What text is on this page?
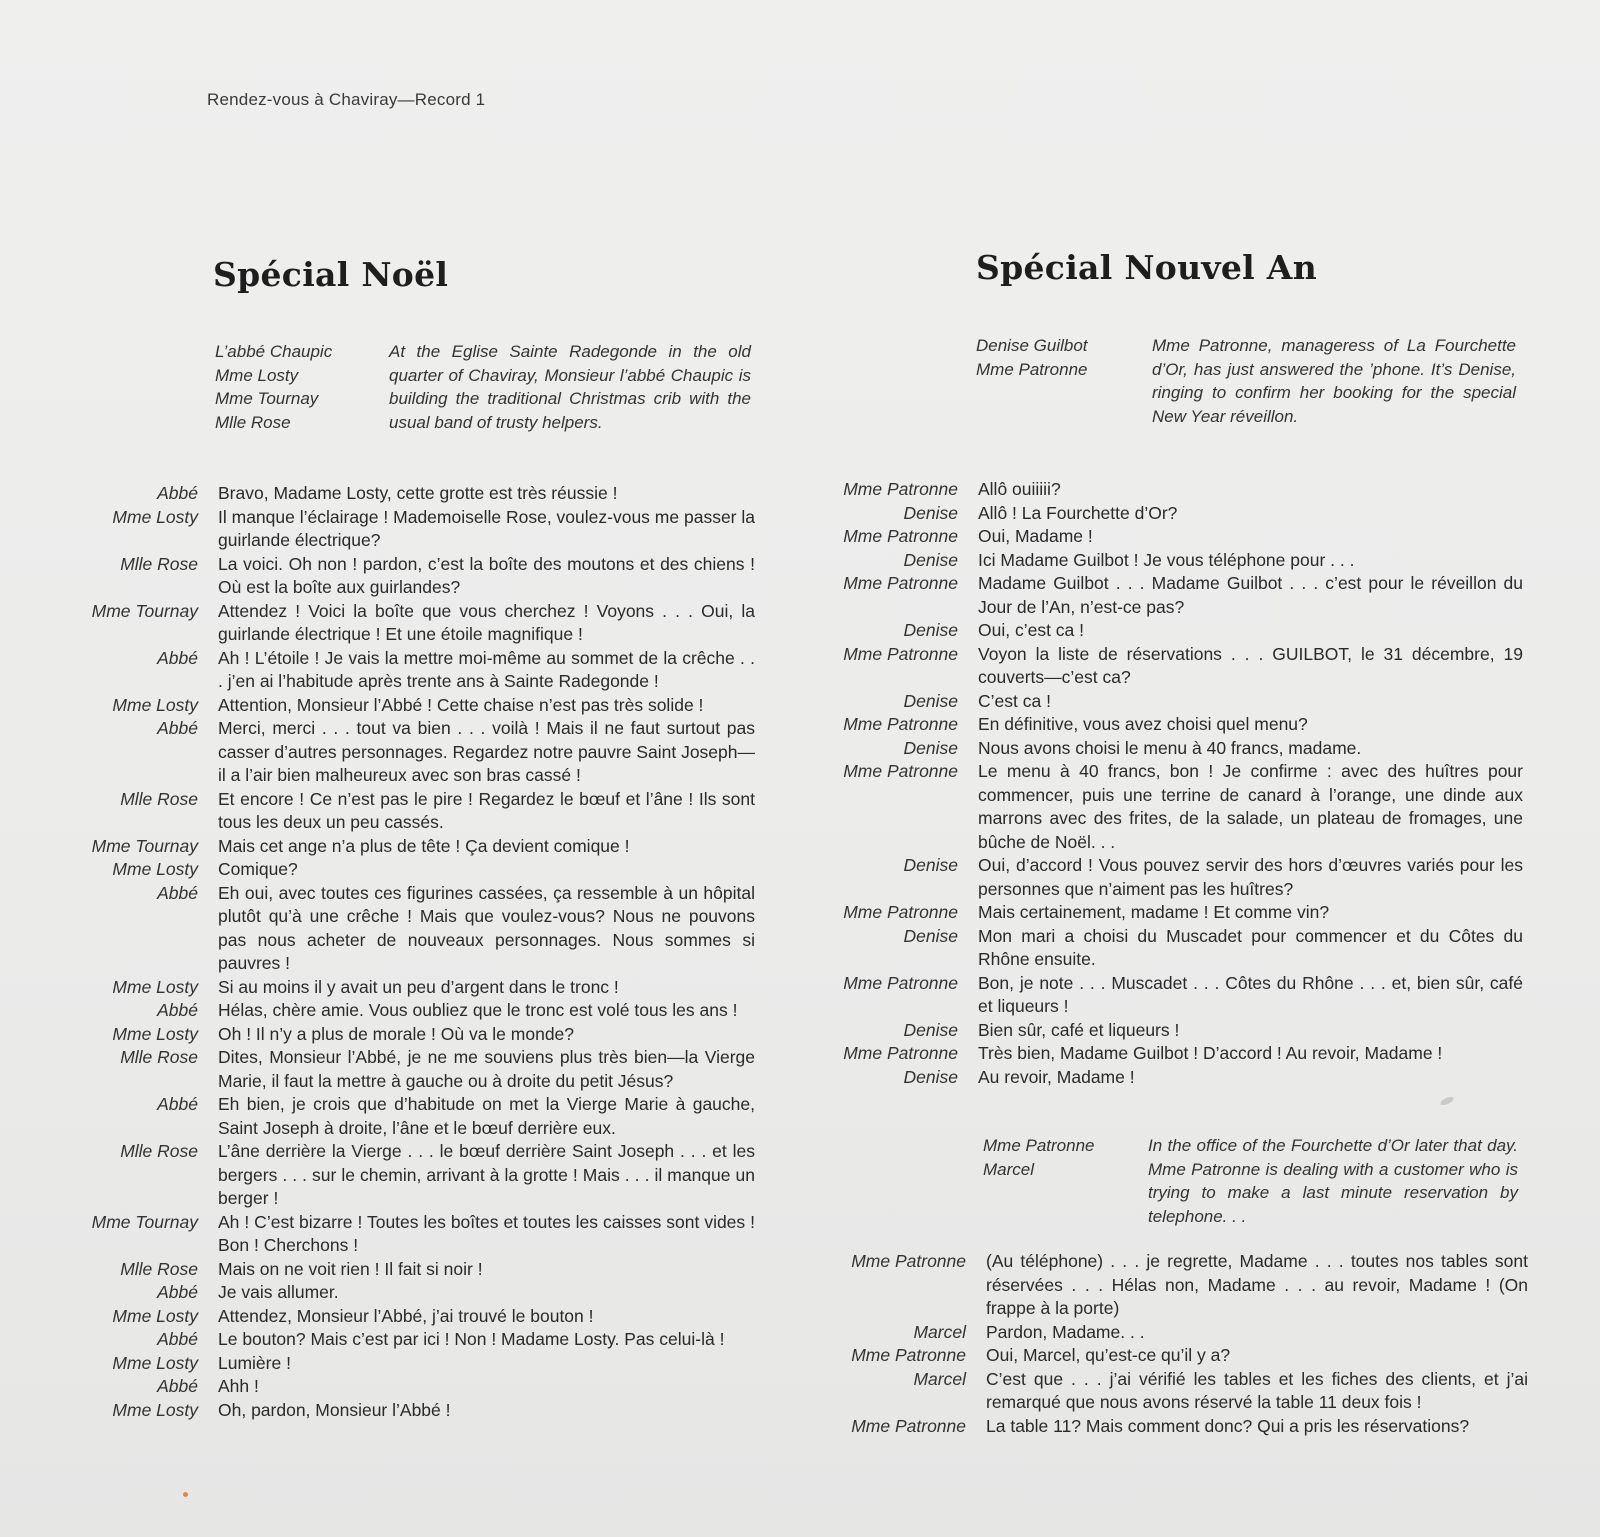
Rendez-vous à Chaviray—Record 1
Spécial Noël
L’abbé Chaupic
Mme Losty
Mme Tournay
Mlle Rose
At the Eglise Sainte Radegonde in the old quarter of Chaviray, Monsieur l’abbé Chaupic is building the traditional Christmas crib with the usual band of trusty helpers.
Abbé	Bravo, Madame Losty, cette grotte est très réussie !
Mme Losty	Il manque l’éclairage ! Mademoiselle Rose, voulez-vous me passer la guirlande électrique?
Mlle Rose	La voici. Oh non ! pardon, c’est la boîte des moutons et des chiens ! Où est la boîte aux guirlandes?
Mme Tournay	Attendez ! Voici la boîte que vous cherchez ! Voyons . . . Oui, la guirlande électrique ! Et une étoile magnifique !
Abbé	Ah ! L’étoile ! Je vais la mettre moi-même au sommet de la crêche . . . j’en ai l’habitude après trente ans à Sainte Radegonde !
Mme Losty	Attention, Monsieur l’Abbé ! Cette chaise n’est pas très solide !
Abbé	Merci, merci . . . tout va bien . . . voilà ! Mais il ne faut surtout pas casser d’autres personnages. Regardez notre pauvre Saint Joseph—il a l’air bien malheureux avec son bras cassé !
Mlle Rose	Et encore ! Ce n’est pas le pire ! Regardez le bœuf et l’âne ! Ils sont tous les deux un peu cassés.
Mme Tournay	Mais cet ange n’a plus de tête ! Ça devient comique !
Mme Losty	Comique?
Abbé	Eh oui, avec toutes ces figurines cassées, ça ressemble à un hôpital plutôt qu’à une crêche ! Mais que voulez-vous? Nous ne pouvons pas nous acheter de nouveaux personnages. Nous sommes si pauvres !
Mme Losty	Si au moins il y avait un peu d’argent dans le tronc !
Abbé	Hélas, chère amie. Vous oubliez que le tronc est volé tous les ans !
Mme Losty	Oh ! Il n’y a plus de morale ! Où va le monde?
Mlle Rose	Dites, Monsieur l’Abbé, je ne me souviens plus très bien—la Vierge Marie, il faut la mettre à gauche ou à droite du petit Jésus?
Abbé	Eh bien, je crois que d’habitude on met la Vierge Marie à gauche, Saint Joseph à droite, l’âne et le bœuf derrière eux.
Mlle Rose	L’âne derrière la Vierge . . . le bœuf derrière Saint Joseph . . . et les bergers . . . sur le chemin, arrivant à la grotte ! Mais . . . il manque un berger !
Mme Tournay	Ah ! C’est bizarre ! Toutes les boîtes et toutes les caisses sont vides ! Bon ! Cherchons !
Mlle Rose	Mais on ne voit rien ! Il fait si noir !
Abbé	Je vais allumer.
Mme Losty	Attendez, Monsieur l’Abbé, j’ai trouvé le bouton !
Abbé	Le bouton? Mais c’est par ici ! Non ! Madame Losty. Pas celui-là !
Mme Losty	Lumière !
Abbé	Ahh !
Mme Losty	Oh, pardon, Monsieur l’Abbé !
Spécial Nouvel An
Denise Guilbot
Mme Patronne
Mme Patronne, manageress of La Fourchette d’Or, has just answered the ’phone. It’s Denise, ringing to confirm her booking for the special New Year réveillon.
Mme Patronne	Allô ouiiiii?
Denise	Allô ! La Fourchette d’Or?
Mme Patronne	Oui, Madame !
Denise	Ici Madame Guilbot ! Je vous téléphone pour . . .
Mme Patronne	Madame Guilbot . . . Madame Guilbot . . . c’est pour le réveillon du Jour de l’An, n’est-ce pas?
Denise	Oui, c’est ca !
Mme Patronne	Voyon la liste de réservations . . . GUILBOT, le 31 décembre, 19 couverts—c’est ca?
Denise	C’est ca !
Mme Patronne	En définitive, vous avez choisi quel menu?
Denise	Nous avons choisi le menu à 40 francs, madame.
Mme Patronne	Le menu à 40 francs, bon ! Je confirme : avec des huîtres pour commencer, puis une terrine de canard à l’orange, une dinde aux marrons avec des frites, de la salade, un plateau de fromages, une bûche de Noël. . .
Denise	Oui, d’accord ! Vous pouvez servir des hors d’œuvres variés pour les personnes que n’aiment pas les huîtres?
Mme Patronne	Mais certainement, madame ! Et comme vin?
Denise	Mon mari a choisi du Muscadet pour commencer et du Côtes du Rhône ensuite.
Mme Patronne	Bon, je note . . . Muscadet . . . Côtes du Rhône . . . et, bien sûr, café et liqueurs !
Denise	Bien sûr, café et liqueurs !
Mme Patronne	Très bien, Madame Guilbot ! D’accord ! Au revoir, Madame !
Denise	Au revoir, Madame !
Mme Patronne
Marcel
In the office of the Fourchette d’Or later that day. Mme Patronne is dealing with a customer who is trying to make a last minute reservation by telephone. . .
Mme Patronne	(Au téléphone) . . . je regrette, Madame . . . toutes nos tables sont réservées . . . Hélas non, Madame . . . au revoir, Madame ! (On frappe à la porte)
Marcel	Pardon, Madame. . .
Mme Patronne	Oui, Marcel, qu’est-ce qu’il y a?
Marcel	C’est que . . . j’ai vérifié les tables et les fiches des clients, et j’ai remarqué que nous avons réservé la table 11 deux fois !
Mme Patronne	La table 11? Mais comment donc? Qui a pris les réservations?
